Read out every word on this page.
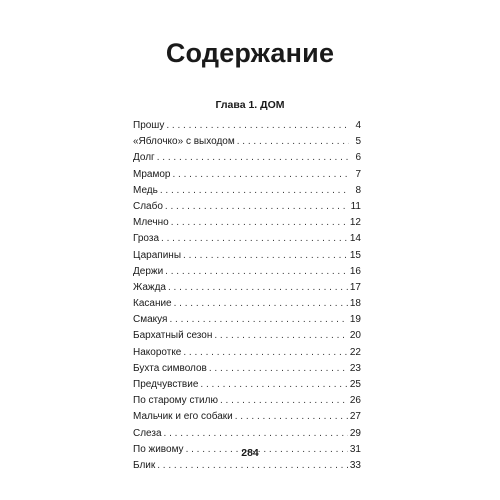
Содержание
Глава 1. ДОМ
Прошу . . .	4
«Яблочко» с выходом . . .	5
Долг . . .	6
Мрамор . . .	7
Медь . . .	8
Слабо . . .	11
Млечно . . .	12
Гроза . . .	14
Царапины . . .	15
Держи . . .	16
Жажда . . .	17
Касание . . .	18
Смакуя . . .	19
Бархатный сезон . . .	20
Накоротке . . .	22
Бухта символов . . .	23
Предчувствие . . .	25
По старому стилю . . .	26
Мальчик и его собаки . . .	27
Слеза . . .	29
По живому . . .	31
Блик . . .	33
284
